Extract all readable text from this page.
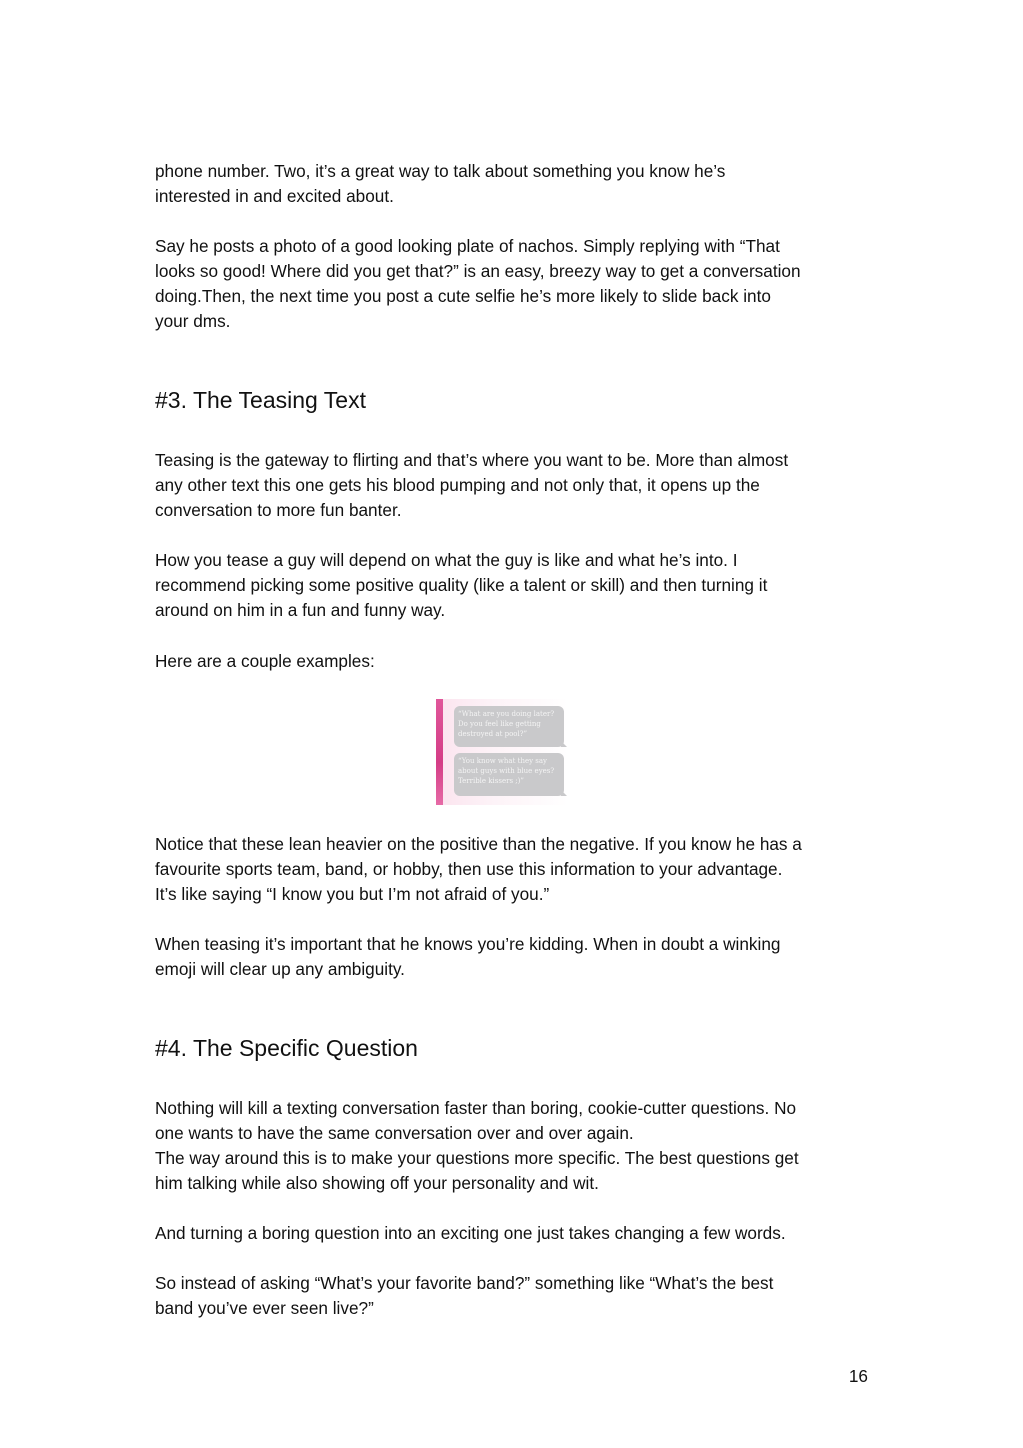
phone number. Two, it’s a great way to talk about something you know he’s

interested in and excited about.

Say he posts a photo of a good looking plate of nachos. Simply replying with “That

looks so good! Where did you get that?” is an easy, breezy way to get a conversation

doing.Then, the next time you post a cute selfie he’s more likely to slide back into

your dms.

#3. The Teasing Text

Teasing is the gateway to flirting and that’s where you want to be. More than almost

any other text this one gets his blood pumping and not only that, it opens up the

conversation to more fun banter.

How you tease a guy will depend on what the guy is like and what he’s into. I

recommend picking some positive quality (like a talent or skill) and then turning it

around on him in a fun and funny way.

Here are a couple examples:

“What are you doing later?
Do you feel like getting
destroyed at pool?”
“You know what they say
about guys with blue eyes?
Terrible kissers ;)”

Notice that these lean heavier on the positive than the negative. If you know he has a

favourite sports team, band, or hobby, then use this information to your advantage.

It’s like saying “I know you but I’m not afraid of you.”

When teasing it’s important that he knows you’re kidding. When in doubt a winking

emoji will clear up any ambiguity.

#4. The Specific Question

Nothing will kill a texting conversation faster than boring, cookie-cutter questions. No

one wants to have the same conversation over and over again.

The way around this is to make your questions more specific. The best questions get

him talking while also showing off your personality and wit.

And turning a boring question into an exciting one just takes changing a few words.

So instead of asking “What’s your favorite band?” something like “What’s the best

band you’ve ever seen live?”

16
